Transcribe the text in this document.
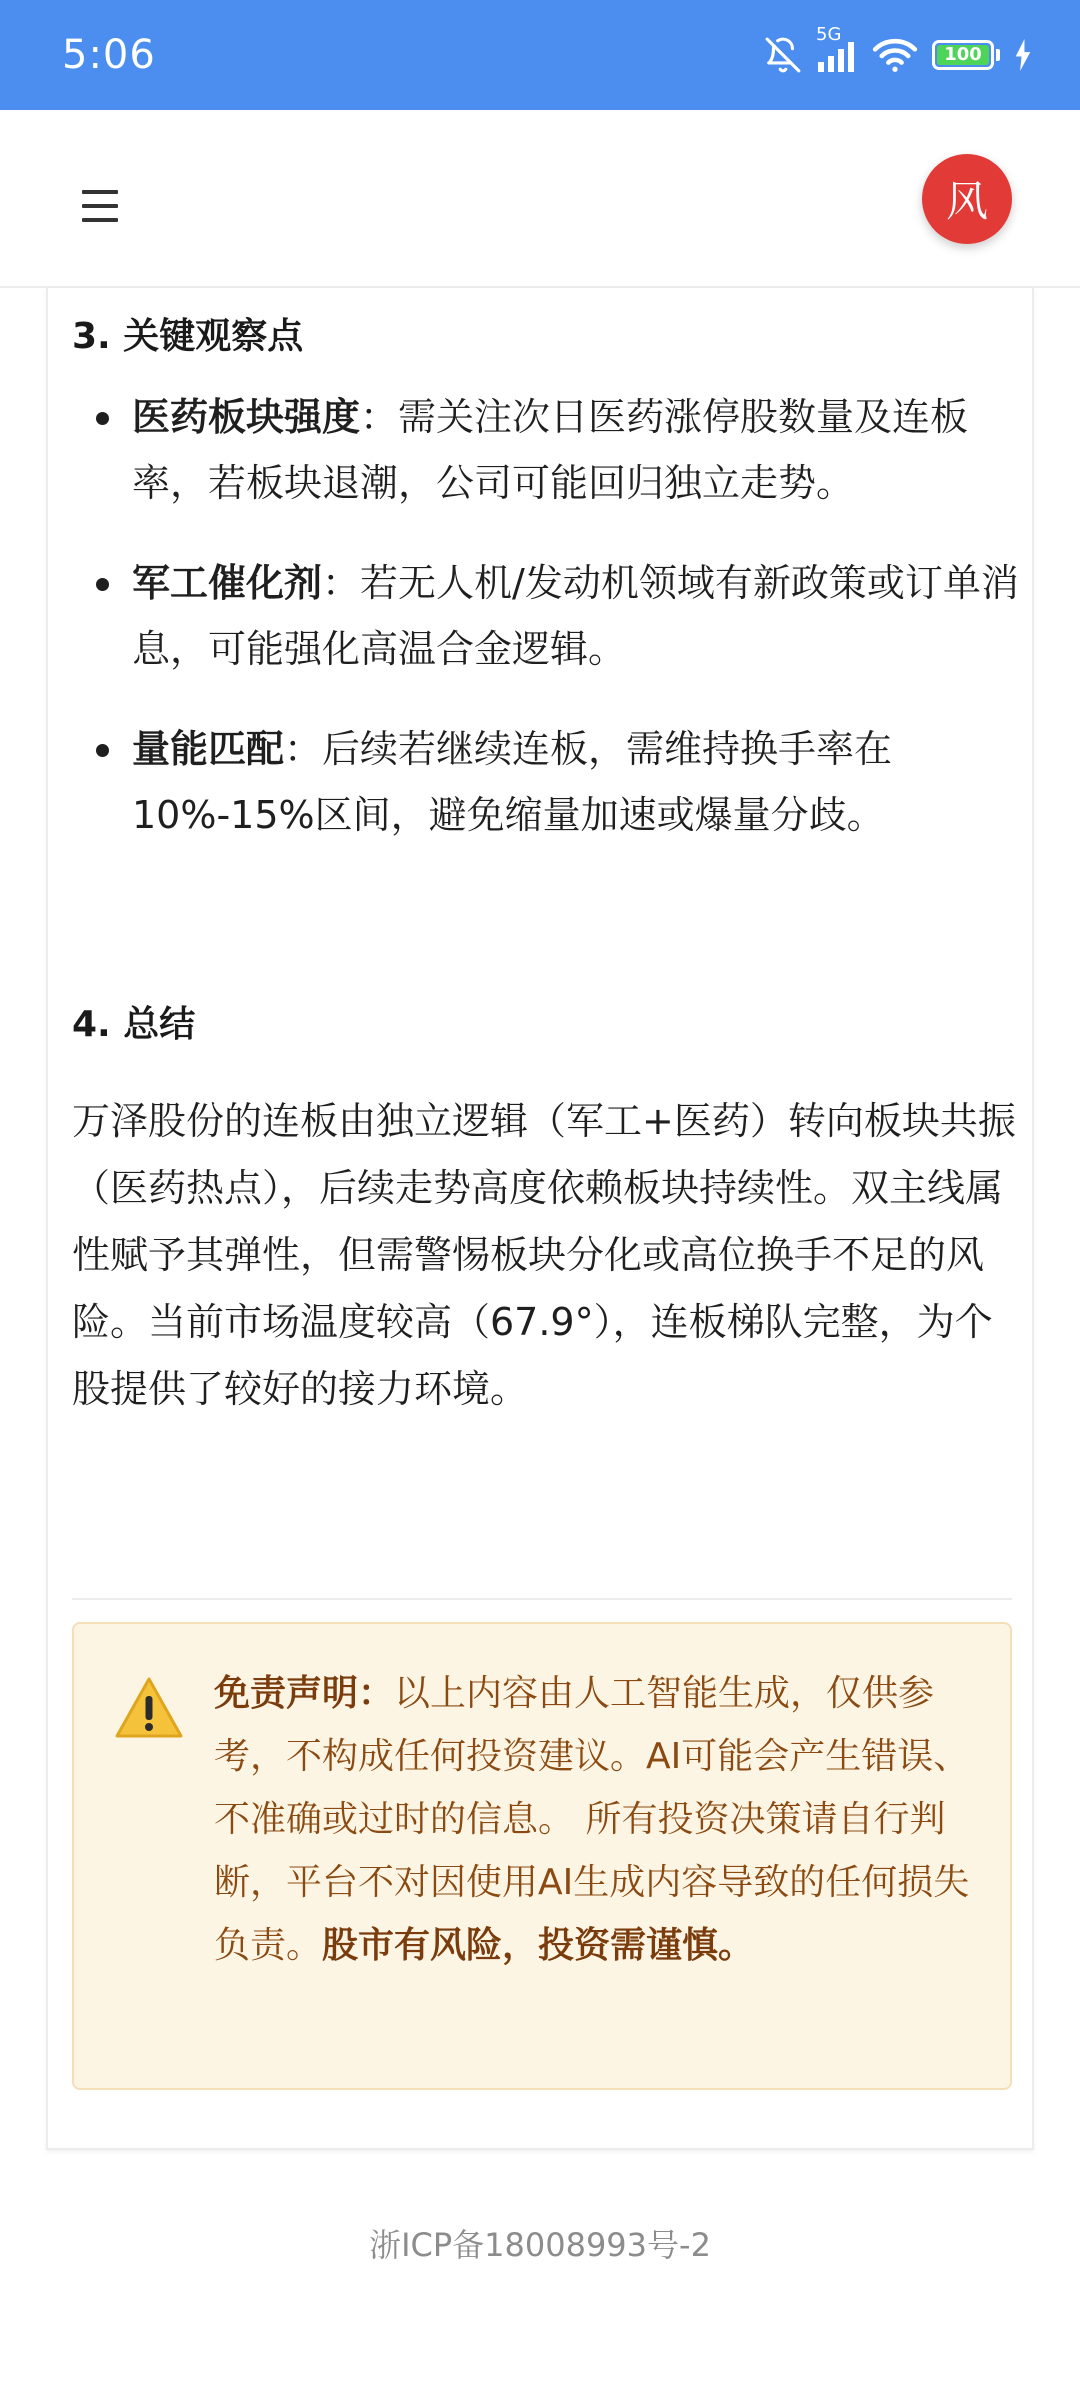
5:06	5G
100
风
3. 关键观察点
医药板块强度：需关注次日医药涨停股数量及连板率，若板块退潮，公司可能回归独立走势。
军工催化剂：若无人机/发动机领域有新政策或订单消息，可能强化高温合金逻辑。
量能匹配：后续若继续连板，需维持换手率在10%-15%区间，避免缩量加速或爆量分歧。
4. 总结

万泽股份的连板由独立逻辑（军工+医药）转向板块共振（医药热点），后续走势高度依赖板块持续性。双主线属性赋予其弹性，但需警惕板块分化或高位换手不足的风险。当前市场温度较高（67.9°），连板梯队完整，为个股提供了较好的接力环境。

免责声明：以上内容由人工智能生成，仅供参考，不构成任何投资建议。AI可能会产生错误、不准确或过时的信息。 所有投资决策请自行判断，平台不对因使用AI生成内容导致的任何损失负责。股市有风险，投资需谨慎。

浙ICP备18008993号-2
